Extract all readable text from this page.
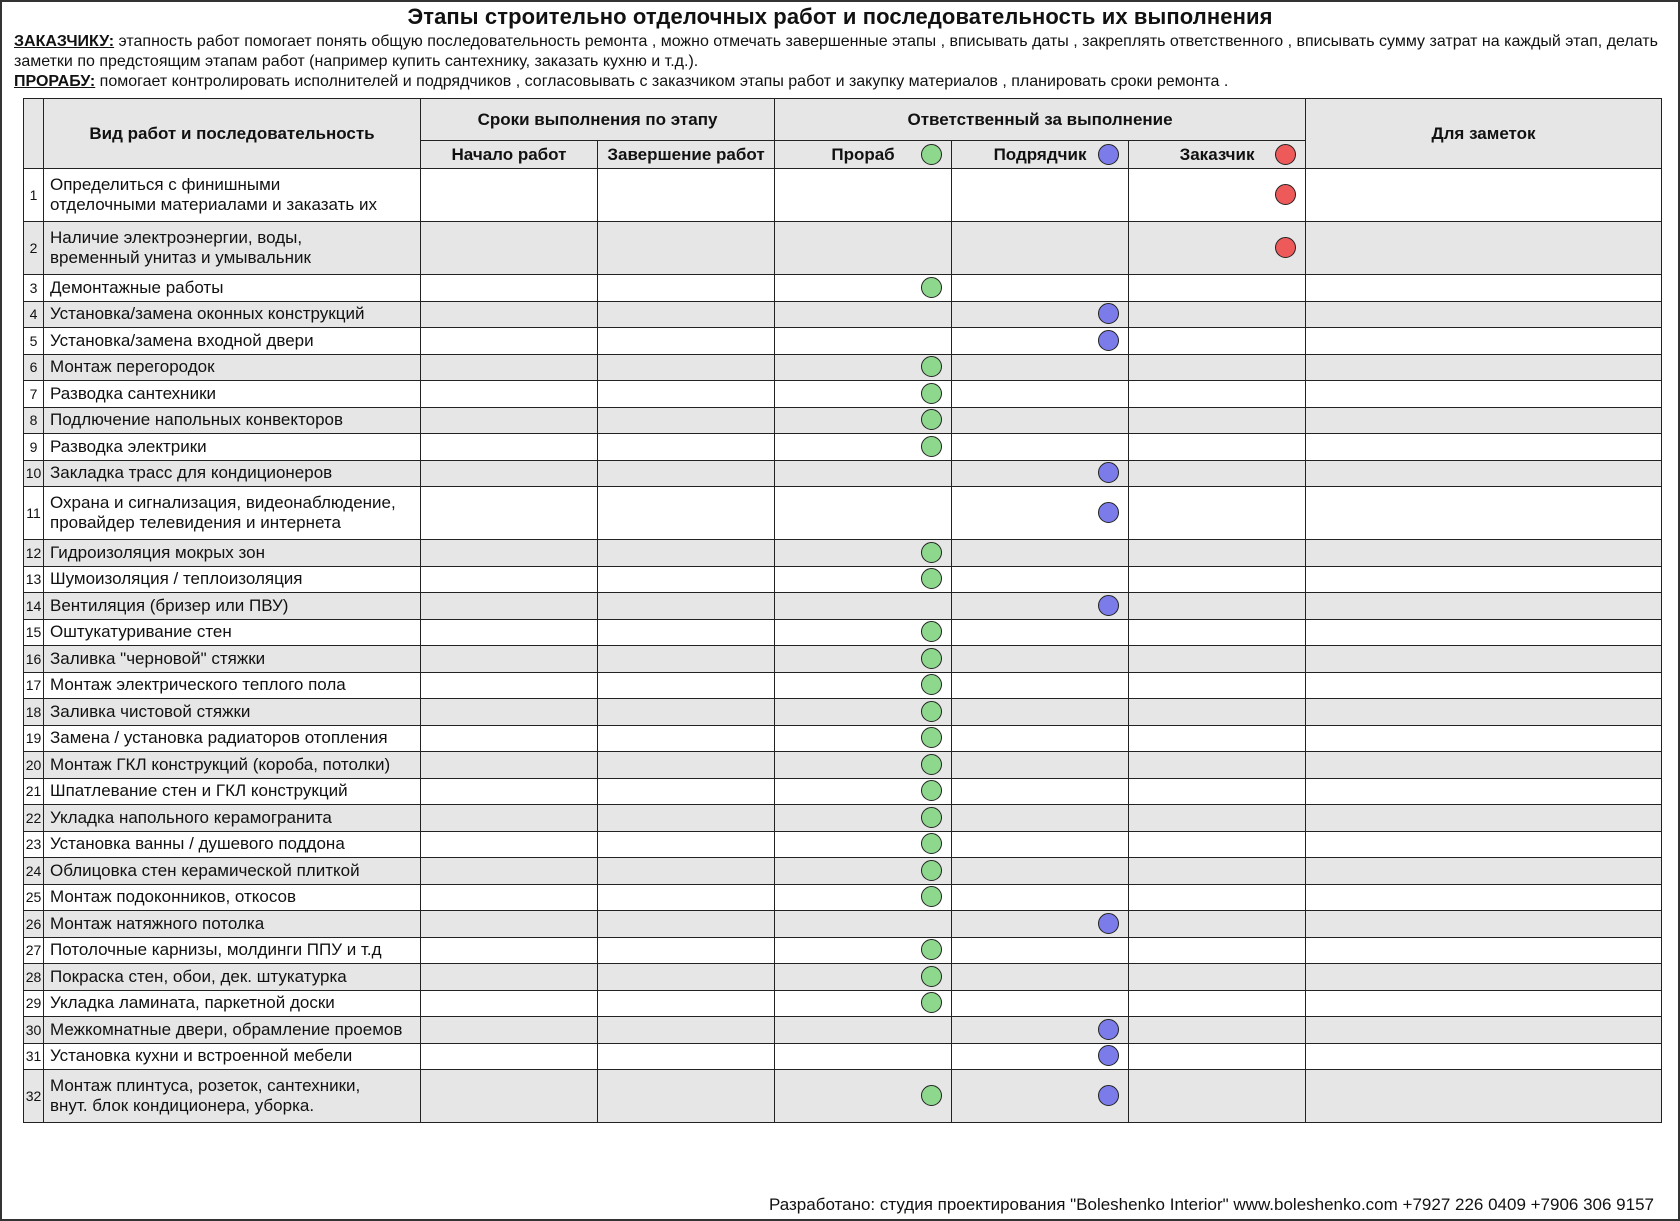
Этапы строительно отделочных работ и последовательность их выполнения
ЗАКАЗЧИКУ: этапность работ помогает понять общую последовательность ремонта , можно отмечать завершенные этапы , вписывать даты , закреплять ответственного , вписывать сумму затрат на каждый этап, делать заметки по предстоящим этапам работ (например купить сантехнику, заказать кухню и т.д.).
ПРОРАБУ: помогает контролировать исполнителей и подрядчиков , согласовывать с заказчиком этапы работ и закупку материалов , планировать сроки ремонта .
	Вид работ и последовательность	Сроки выполнения по этапу		Ответственный за выполнение			Для заметок
		Начало работ	Завершение работ	Прораб	Подрядчик	Заказчик	

1	Определиться с финишными
отделочными материалами и заказать их						

2	Наличие электроэнергии, воды,
временный унитаз и умывальник						

3	Демонтажные работы						

4	Установка/замена оконных конструкций						

5	Установка/замена входной двери						

6	Монтаж перегородок						

7	Разводка сантехники						

8	Подлючение напольных конвекторов						

9	Разводка электрики						

10	Закладка трасс для кондиционеров						

11	Охрана и сигнализация, видеонаблюдение,
провайдер телевидения и интернета						

12	Гидроизоляция мокрых зон						

13	Шумоизоляция / теплоизоляция						

14	Вентиляция (бризер или ПВУ)						

15	Оштукатуривание стен						

16	Заливка "черновой" стяжки						

17	Монтаж электрического теплого пола						

18	Заливка чистовой стяжки						

19	Замена / установка радиаторов отопления						

20	Монтаж ГКЛ конструкций (короба, потолки)						

21	Шпатлевание стен и ГКЛ конструкций						

22	Укладка напольного керамогранита						

23	Установка ванны / душевого поддона						

24	Облицовка стен керамической плиткой						

25	Монтаж подоконников, откосов						

26	Монтаж натяжного потолка						

27	Потолочные карнизы, молдинги ППУ и т.д						

28	Покраска стен, обои, дек. штукатурка						

29	Укладка ламината, паркетной доски						

30	Межкомнатные двери, обрамление проемов						

31	Установка кухни и встроенной мебели						

32	Монтаж плинтуса, розеток, сантехники,
внут. блок кондиционера, уборка.						

Разработано: студия проектирования "Boleshenko Interior" www.boleshenko.com +7927 226 0409 +7906 306 9157
